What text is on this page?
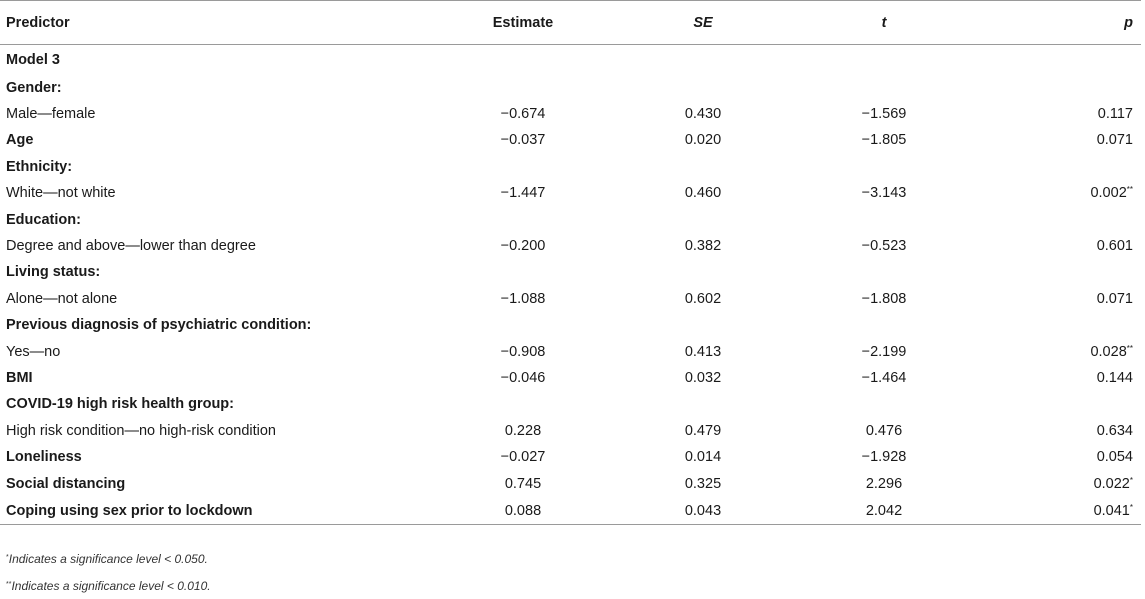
Predictor	Estimate	SE	t	p
Model 3				
Gender:				
Male—female	−0.674	0.430	−1.569	0.117
Age	−0.037	0.020	−1.805	0.071
Ethnicity:				
White—not white	−1.447	0.460	−3.143	0.002**
Education:				
Degree and above—lower than degree	−0.200	0.382	−0.523	0.601
Living status:				
Alone—not alone	−1.088	0.602	−1.808	0.071
Previous diagnosis of psychiatric condition:				
Yes—no	−0.908	0.413	−2.199	0.028**
BMI	−0.046	0.032	−1.464	0.144
COVID-19 high risk health group:				
High risk condition—no high-risk condition	0.228	0.479	0.476	0.634
Loneliness	−0.027	0.014	−1.928	0.054
Social distancing	0.745	0.325	2.296	0.022*
Coping using sex prior to lockdown	0.088	0.043	2.042	0.041*
*Indicates a significance level < 0.050.
**Indicates a significance level < 0.010.
